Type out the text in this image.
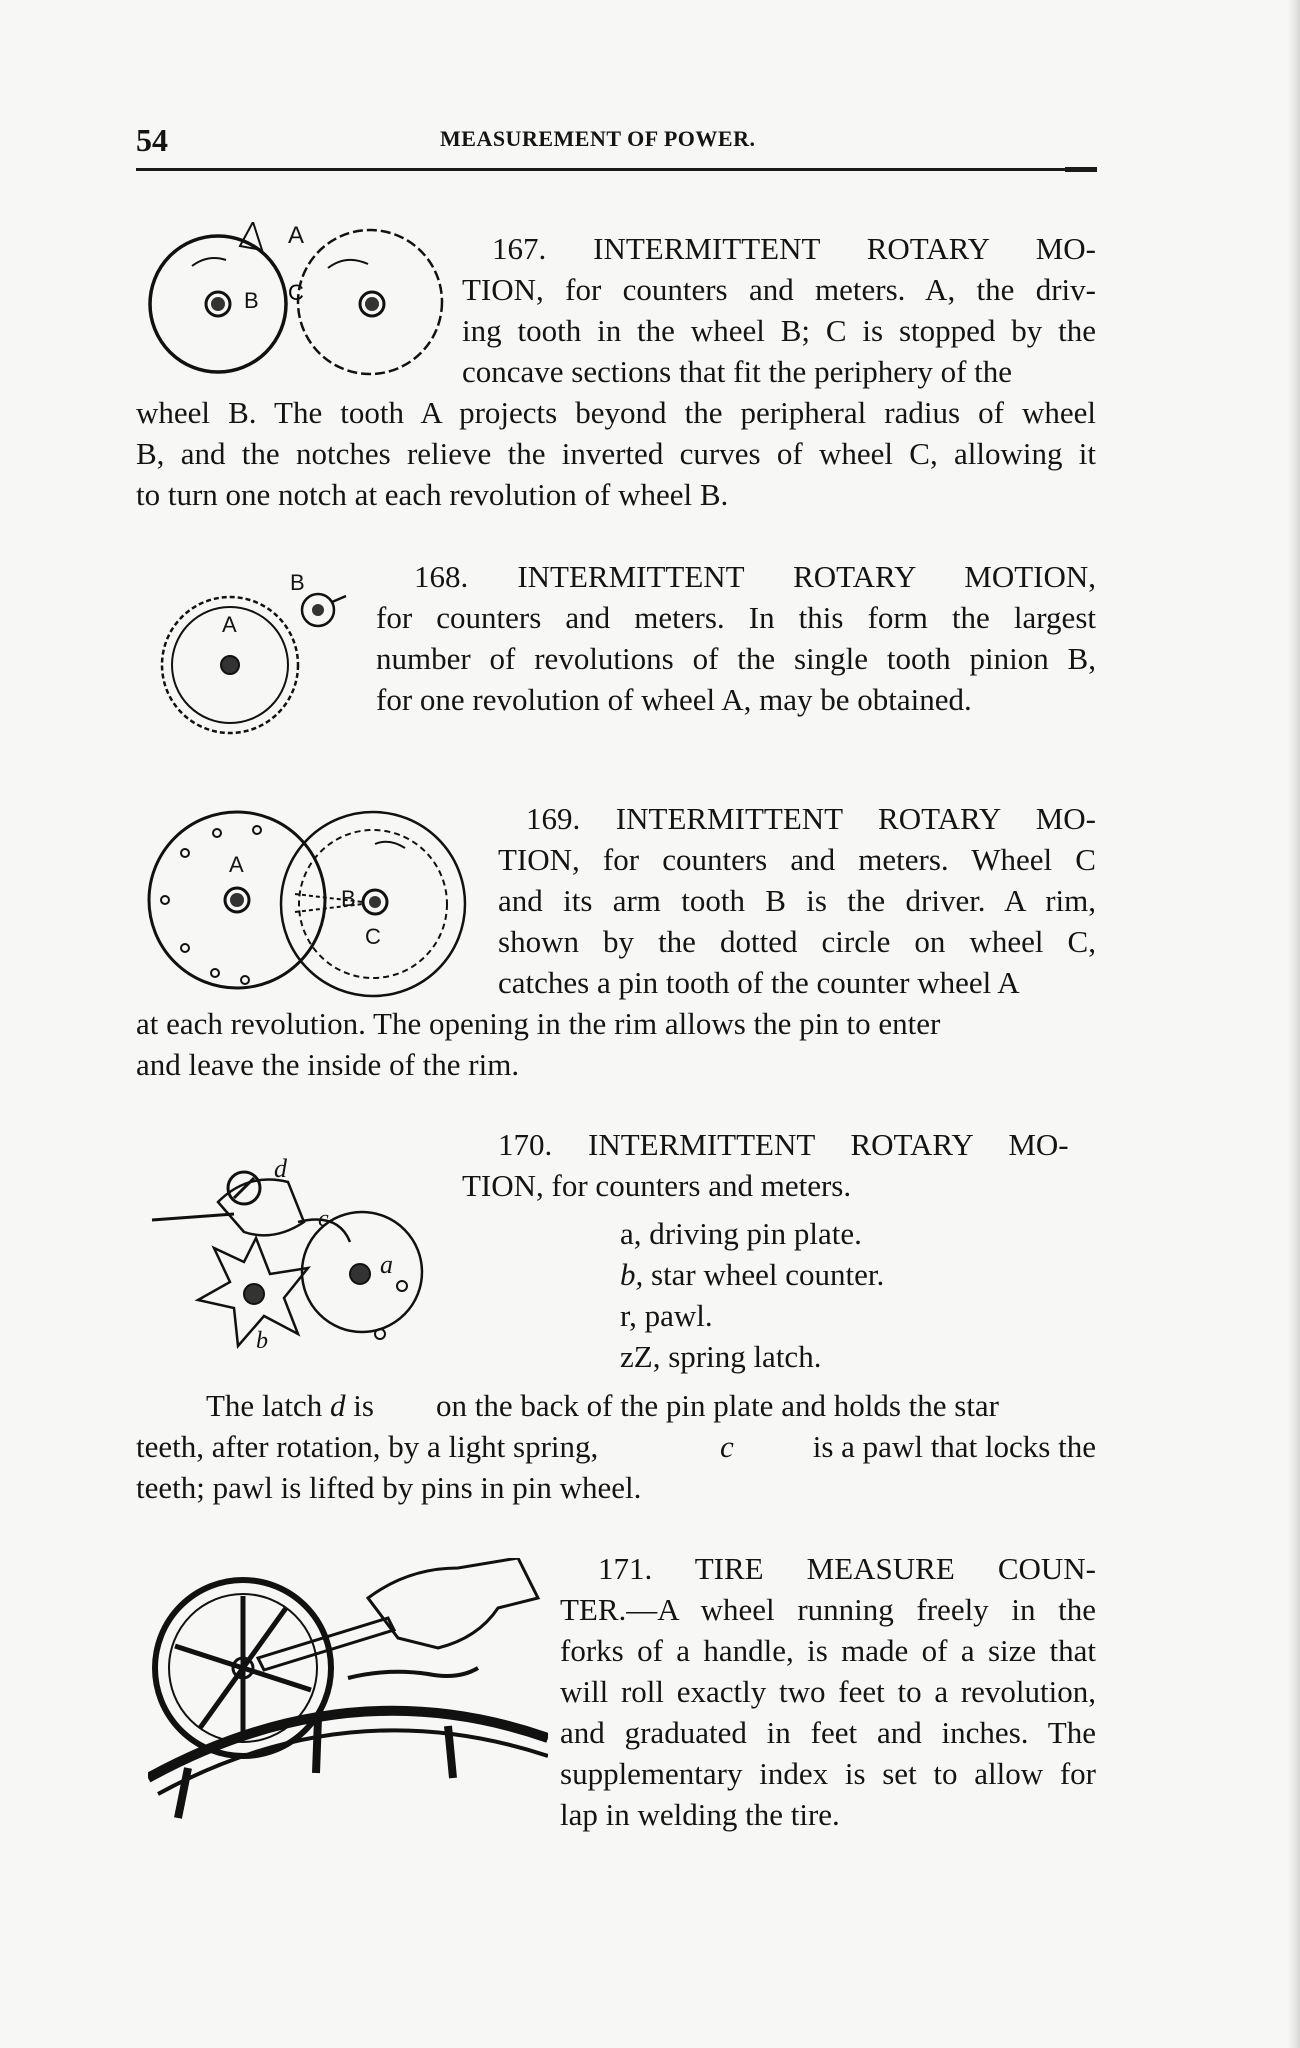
54	MEASUREMENT OF POWER.
C
A
B
167. INTERMITTENT ROTARY MO-
TION, for counters and meters. A, the driv-
ing tooth in the wheel B; C is stopped by the
concave sections that fit the periphery of the
wheel B. The tooth A projects beyond the peripheral radius of wheel
B, and the notches relieve the inverted curves of wheel C, allowing it
to turn one notch at each revolution of wheel B.
A
B	168. INTERMITTENT ROTARY MOTION,
for counters and meters. In this form the largest
number of revolutions of the single tooth pinion B,
for one revolution of wheel A, may be obtained.
A
B
C
169. INTERMITTENT ROTARY MO-
TION, for counters and meters. Wheel C
and its arm tooth B is the driver. A rim,
shown by the dotted circle on wheel C,
catches a pin tooth of the counter wheel A
at each revolution. The opening in the rim allows the pin to enter
and leave the inside of the rim.
d
c
a
b
170. INTERMITTENT ROTARY MO-
TION, for counters and meters.
a, driving pin plate.
b, star wheel counter.
r, pawl.
zZ, spring latch.
The latch d is on the back of the pin plate and holds the star
teeth, after rotation, by a light spring,	c	is a pawl that locks the
teeth; pawl is lifted by pins in pin wheel.
171. TIRE MEASURE COUN-
TER.—A wheel running freely in the
forks of a handle, is made of a size that
will roll exactly two feet to a revolution,
and graduated in feet and inches. The
supplementary index is set to allow for
lap in welding the tire.
